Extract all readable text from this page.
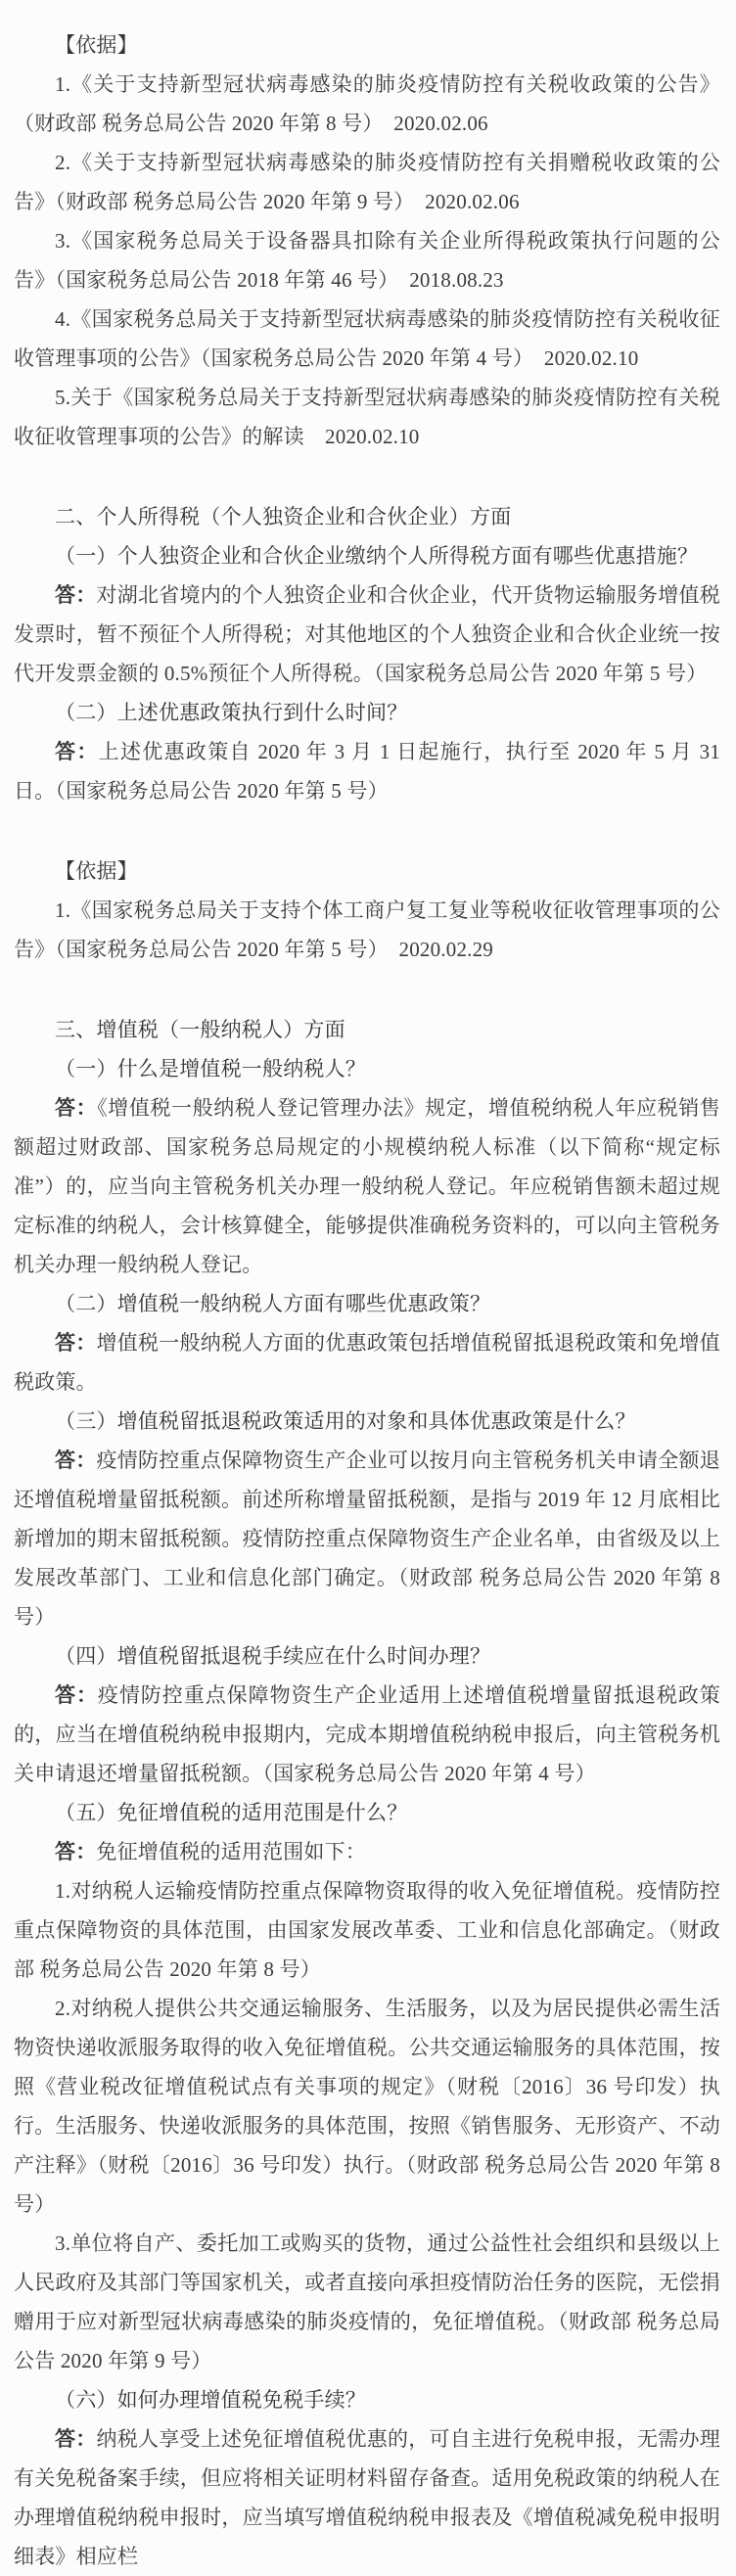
【依据】

1.《关于支持新型冠状病毒感染的肺炎疫情防控有关税收政策的公告》 （财政部 税务总局公告 2020 年第 8 号）　2020.02.06

2.《关于支持新型冠状病毒感染的肺炎疫情防控有关捐赠税收政策的公告》（财政部 税务总局公告 2020 年第 9 号）　2020.02.06

3.《国家税务总局关于设备器具扣除有关企业所得税政策执行问题的公告》（国家税务总局公告 2018 年第 46 号）　2018.08.23

4.《国家税务总局关于支持新型冠状病毒感染的肺炎疫情防控有关税收征收管理事项的公告》（国家税务总局公告 2020 年第 4 号）　2020.02.10

5.关于《国家税务总局关于支持新型冠状病毒感染的肺炎疫情防控有关税收征收管理事项的公告》的解读　2020.02.10

二、个人所得税（个人独资企业和合伙企业）方面

（一）个人独资企业和合伙企业缴纳个人所得税方面有哪些优惠措施？

答：对湖北省境内的个人独资企业和合伙企业，代开货物运输服务增值税发票时，暂不预征个人所得税；对其他地区的个人独资企业和合伙企业统一按代开发票金额的 0.5%预征个人所得税。（国家税务总局公告 2020 年第 5 号）

（二）上述优惠政策执行到什么时间？

答：上述优惠政策自 2020 年 3 月 1 日起施行，执行至 2020 年 5 月 31 日。（国家税务总局公告 2020 年第 5 号）

【依据】

1.《国家税务总局关于支持个体工商户复工复业等税收征收管理事项的公告》（国家税务总局公告 2020 年第 5 号）　2020.02.29

三、增值税（一般纳税人）方面

（一）什么是增值税一般纳税人？

答：《增值税一般纳税人登记管理办法》规定，增值税纳税人年应税销售额超过财政部、国家税务总局规定的小规模纳税人标准（以下简称“规定标准”）的，应当向主管税务机关办理一般纳税人登记。年应税销售额未超过规定标准的纳税人，会计核算健全，能够提供准确税务资料的，可以向主管税务机关办理一般纳税人登记。

（二）增值税一般纳税人方面有哪些优惠政策？

答：增值税一般纳税人方面的优惠政策包括增值税留抵退税政策和免增值税政策。

（三）增值税留抵退税政策适用的对象和具体优惠政策是什么？

答：疫情防控重点保障物资生产企业可以按月向主管税务机关申请全额退还增值税增量留抵税额。前述所称增量留抵税额，是指与 2019 年 12 月底相比新增加的期末留抵税额。疫情防控重点保障物资生产企业名单，由省级及以上发展改革部门、工业和信息化部门确定。（财政部 税务总局公告 2020 年第 8 号）

（四）增值税留抵退税手续应在什么时间办理？

答：疫情防控重点保障物资生产企业适用上述增值税增量留抵退税政策的，应当在增值税纳税申报期内，完成本期增值税纳税申报后，向主管税务机关申请退还增量留抵税额。（国家税务总局公告 2020 年第 4 号）

（五）免征增值税的适用范围是什么？

答：免征增值税的适用范围如下：

1.对纳税人运输疫情防控重点保障物资取得的收入免征增值税。疫情防控重点保障物资的具体范围，由国家发展改革委、工业和信息化部确定。（财政部 税务总局公告 2020 年第 8 号）

2.对纳税人提供公共交通运输服务、生活服务，以及为居民提供必需生活物资快递收派服务取得的收入免征增值税。公共交通运输服务的具体范围，按照《营业税改征增值税试点有关事项的规定》（财税〔2016〕36 号印发）执行。生活服务、快递收派服务的具体范围，按照《销售服务、无形资产、不动产注释》（财税〔2016〕36 号印发）执行。（财政部 税务总局公告 2020 年第 8 号）

3.单位将自产、委托加工或购买的货物，通过公益性社会组织和县级以上人民政府及其部门等国家机关，或者直接向承担疫情防治任务的医院，无偿捐赠用于应对新型冠状病毒感染的肺炎疫情的，免征增值税。（财政部 税务总局公告 2020 年第 9 号）

（六）如何办理增值税免税手续？

答：纳税人享受上述免征增值税优惠的，可自主进行免税申报，无需办理有关免税备案手续，但应将相关证明材料留存备查。适用免税政策的纳税人在办理增值税纳税申报时，应当填写增值税纳税申报表及《增值税减免税申报明细表》相应栏
